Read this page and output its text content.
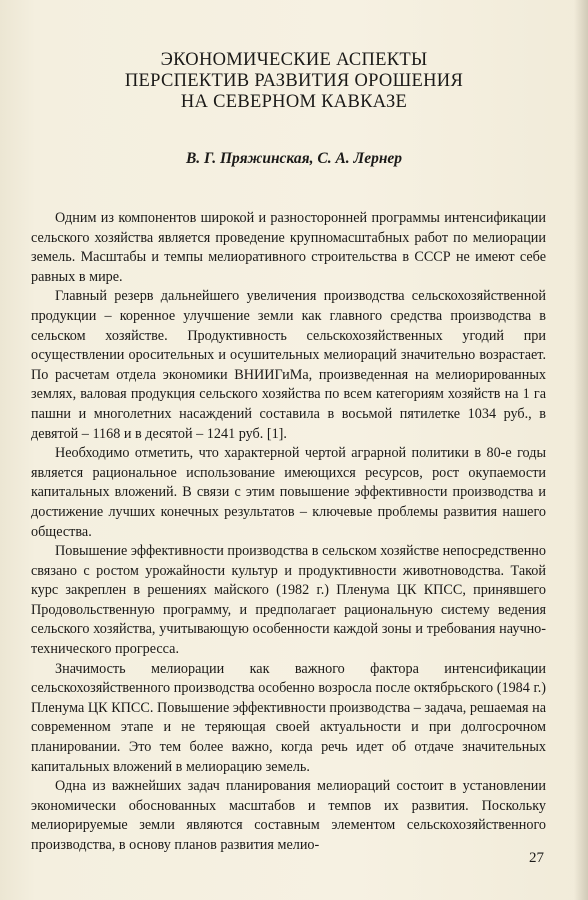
ЭКОНОМИЧЕСКИЕ АСПЕКТЫ
ПЕРСПЕКТИВ РАЗВИТИЯ ОРОШЕНИЯ
НА СЕВЕРНОМ КАВКАЗЕ
В. Г. Пряжинская, С. А. Лернер

Одним из компонентов широкой и разносторонней программы интенсификации сельского хозяйства является проведение крупномасштабных работ по мелиорации земель. Масштабы и темпы мелиоративного строительства в СССР не имеют себе равных в мире.

Главный резерв дальнейшего увеличения производства сельскохозяйственной продукции – коренное улучшение земли как главного средства производства в сельском хозяйстве. Продуктивность сельскохозяйственных угодий при осуществлении оросительных и осушительных мелиораций значительно возрастает. По расчетам отдела экономики ВНИИГиМа, произведенная на мелиорированных землях, валовая продукция сельского хозяйства по всем категориям хозяйств на 1 га пашни и многолетних насаждений составила в восьмой пятилетке 1034 руб., в девятой – 1168 и в десятой – 1241 руб. [1].

Необходимо отметить, что характерной чертой аграрной политики в 80-е годы является рациональное использование имеющихся ресурсов, рост окупаемости капитальных вложений. В связи с этим повышение эффективности производства и достижение лучших конечных результатов – ключевые проблемы развития нашего общества.

Повышение эффективности производства в сельском хозяйстве непосредственно связано с ростом урожайности культур и продуктивности животноводства. Такой курс закреплен в решениях майского (1982 г.) Пленума ЦК КПСС, принявшего Продовольственную программу, и предполагает рациональную систему ведения сельского хозяйства, учитывающую особенности каждой зоны и требования научно-технического прогресса.

Значимость мелиорации как важного фактора интенсификации сельскохозяйственного производства особенно возросла после октябрьского (1984 г.) Пленума ЦК КПСС. Повышение эффективности производства – задача, решаемая на современном этапе и не теряющая своей актуальности и при долгосрочном планировании. Это тем более важно, когда речь идет об отдаче значительных капитальных вложений в мелиорацию земель.

Одна из важнейших задач планирования мелиораций состоит в установлении экономически обоснованных масштабов и темпов их развития. Поскольку мелиорируемые земли являются составным элементом сельскохозяйственного производства, в основу планов развития мелио-

27
